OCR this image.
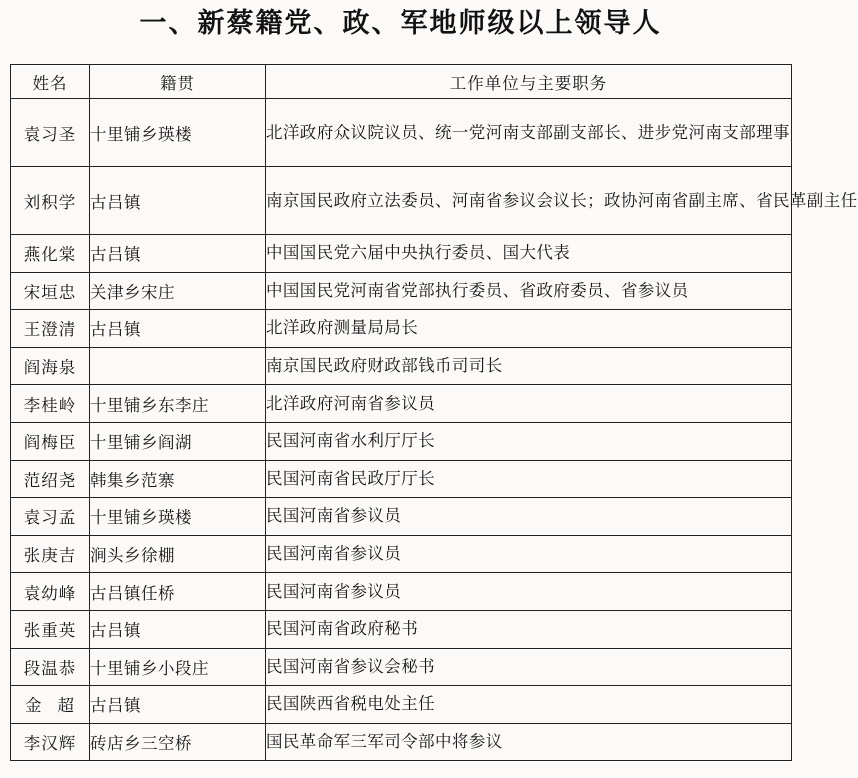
一、新蔡籍党、政、军地师级以上领导人
姓名	籍贯	工作单位与主要职务
袁习圣	十里铺乡瑛楼	北洋政府众议院议员、统一党河南支部副支部长、进步党河南支部理事
刘积学	古吕镇	南京国民政府立法委员、河南省参议会议长；政协河南省副主席、省民革副主任
燕化棠	古吕镇	中国国民党六届中央执行委员、国大代表
宋垣忠	关津乡宋庄	中国国民党河南省党部执行委员、省政府委员、省参议员
王澄清	古吕镇	北洋政府测量局局长
阎海泉		南京国民政府财政部钱币司司长
李桂岭	十里铺乡东李庄	北洋政府河南省参议员
阎梅臣	十里铺乡阎湖	民国河南省水利厅厅长
范绍尧	韩集乡范寨	民国河南省民政厅厅长
袁习孟	十里铺乡瑛楼	民国河南省参议员
张庚吉	涧头乡徐棚	民国河南省参议员
袁幼峰	古吕镇任桥	民国河南省参议员
张重英	古吕镇	民国河南省政府秘书
段温恭	十里铺乡小段庄	民国河南省参议会秘书
金超	古吕镇	民国陕西省税电处主任
李汉辉	砖店乡三空桥	国民革命军三军司令部中将参议
